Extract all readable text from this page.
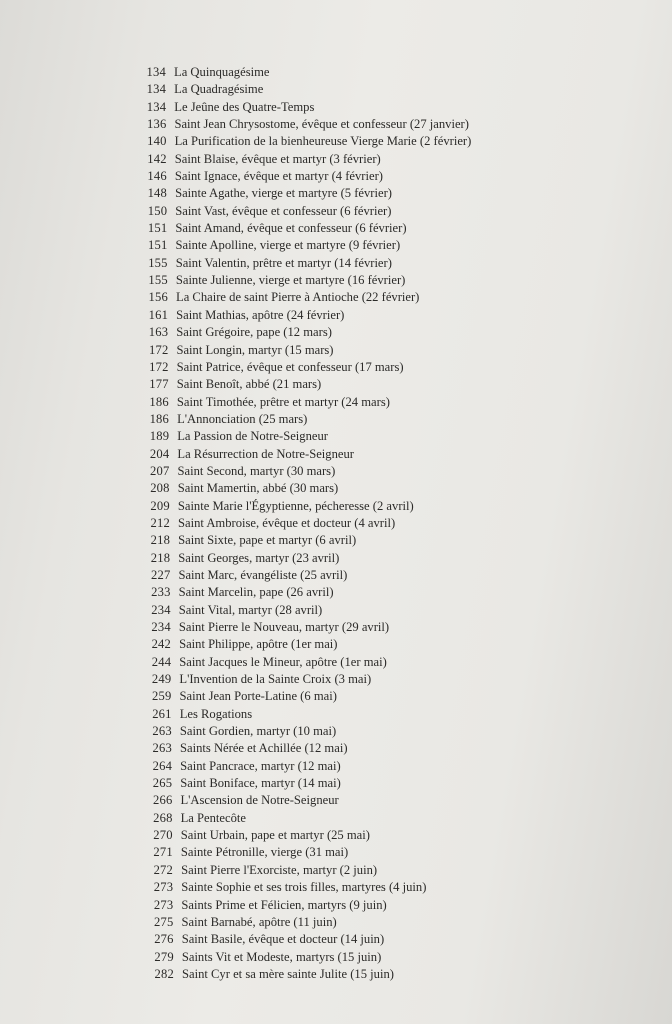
134 La Quinquagésime
134 La Quadragésime
134 Le Jeûne des Quatre-Temps
136 Saint Jean Chrysostome, évêque et confesseur (27 janvier)
140 La Purification de la bienheureuse Vierge Marie (2 février)
142 Saint Blaise, évêque et martyr (3 février)
146 Saint Ignace, évêque et martyr (4 février)
148 Sainte Agathe, vierge et martyre (5 février)
150 Saint Vast, évêque et confesseur (6 février)
151 Saint Amand, évêque et confesseur (6 février)
151 Sainte Apolline, vierge et martyre (9 février)
155 Saint Valentin, prêtre et martyr (14 février)
155 Sainte Julienne, vierge et martyre (16 février)
156 La Chaire de saint Pierre à Antioche (22 février)
161 Saint Mathias, apôtre (24 février)
163 Saint Grégoire, pape (12 mars)
172 Saint Longin, martyr (15 mars)
172 Saint Patrice, évêque et confesseur (17 mars)
177 Saint Benoît, abbé (21 mars)
186 Saint Timothée, prêtre et martyr (24 mars)
186 L'Annonciation (25 mars)
189 La Passion de Notre-Seigneur
204 La Résurrection de Notre-Seigneur
207 Saint Second, martyr (30 mars)
208 Saint Mamertin, abbé (30 mars)
209 Sainte Marie l'Égyptienne, pécheresse (2 avril)
212 Saint Ambroise, évêque et docteur (4 avril)
218 Saint Sixte, pape et martyr (6 avril)
218 Saint Georges, martyr (23 avril)
227 Saint Marc, évangéliste (25 avril)
233 Saint Marcelin, pape (26 avril)
234 Saint Vital, martyr (28 avril)
234 Saint Pierre le Nouveau, martyr (29 avril)
242 Saint Philippe, apôtre (1er mai)
244 Saint Jacques le Mineur, apôtre (1er mai)
249 L'Invention de la Sainte Croix (3 mai)
259 Saint Jean Porte-Latine (6 mai)
261 Les Rogations
263 Saint Gordien, martyr (10 mai)
263 Saints Nérée et Achillée (12 mai)
264 Saint Pancrace, martyr (12 mai)
265 Saint Boniface, martyr (14 mai)
266 L'Ascension de Notre-Seigneur
268 La Pentecôte
270 Saint Urbain, pape et martyr (25 mai)
271 Sainte Pétronille, vierge (31 mai)
272 Saint Pierre l'Exorciste, martyr (2 juin)
273 Sainte Sophie et ses trois filles, martyres (4 juin)
273 Saints Prime et Félicien, martyrs (9 juin)
275 Saint Barnabé, apôtre (11 juin)
276 Saint Basile, évêque et docteur (14 juin)
279 Saints Vit et Modeste, martyrs (15 juin)
282 Saint Cyr et sa mère sainte Julite (15 juin)
